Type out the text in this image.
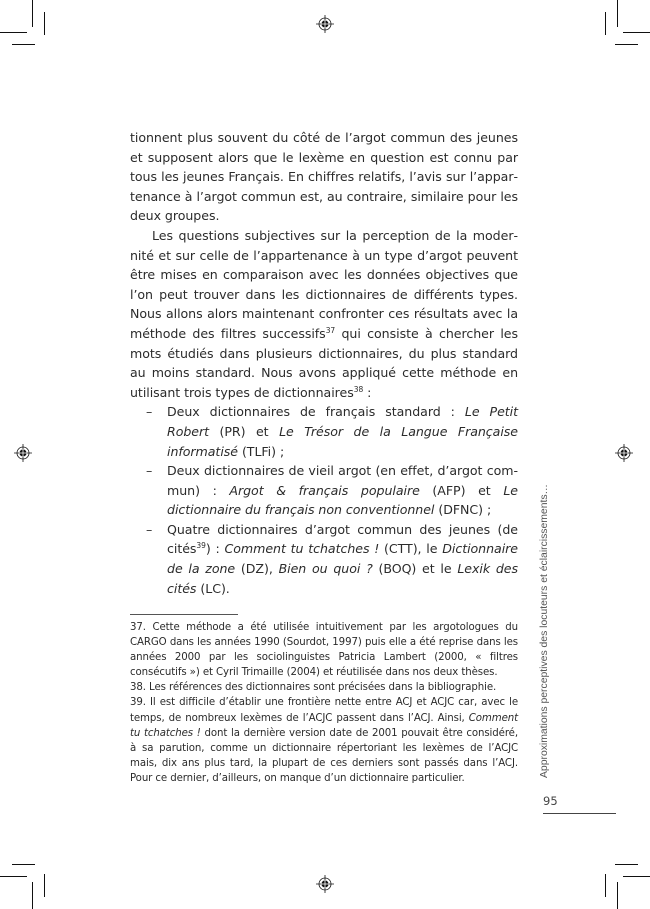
tionnent plus souvent du côté de l’argot commun des jeunes et supposent alors que le lexème en question est connu par tous les jeunes Français. En chiffres relatifs, l’avis sur l’appartenance à l’argot commun est, au contraire, similaire pour les deux groupes.

Les questions subjectives sur la perception de la modernité et sur celle de l’appartenance à un type d’argot peuvent être mises en comparaison avec les données objectives que l’on peut trouver dans les dictionnaires de différents types. Nous allons alors maintenant confronter ces résultats avec la méthode des filtres successifs$^{37}$ qui consiste à chercher les mots étudiés dans plusieurs dictionnaires, du plus standard au moins standard. Nous avons appliqué cette méthode en utilisant trois types de dictionnaires$^{38}$ :

– Deux dictionnaires de français standard : Le Petit Robert (PR) et Le Trésor de la Langue Française informatisé (TLFi) ;
– Deux dictionnaires de vieil argot (en effet, d’argot commun) : Argot & français populaire (AFP) et Le dictionnaire du français non conventionnel (DFNC) ;
– Quatre dictionnaires d’argot commun des jeunes (de cités$^{39}$) : Comment tu tchatches ! (CTT), le Dictionnaire de la zone (DZ), Bien ou quoi ? (BOQ) et le Lexik des cités (LC).

37. Cette méthode a été utilisée intuitivement par les argotologues du CARGO dans les années 1990 (Sourdot, 1997) puis elle a été reprise dans les années 2000 par les sociolinguistes Patricia Lambert (2000, « filtres consécutifs ») et Cyril Trimaille (2004) et réutilisée dans nos deux thèses.

38. Les références des dictionnaires sont précisées dans la bibliographie.

39. Il est difficile d’établir une frontière nette entre ACJ et ACJC car, avec le temps, de nombreux lexèmes de l’ACJC passent dans l’ACJ. Ainsi, Comment tu tchatches ! dont la dernière version date de 2001 pouvait être considéré, à sa parution, comme un dictionnaire répertoriant les lexèmes de l’ACJC mais, dix ans plus tard, la plupart de ces derniers sont passés dans l’ACJ. Pour ce dernier, d’ailleurs, on manque d’un dictionnaire particulier.

Approximations perceptives des locuteurs et éclaircissements…
95
